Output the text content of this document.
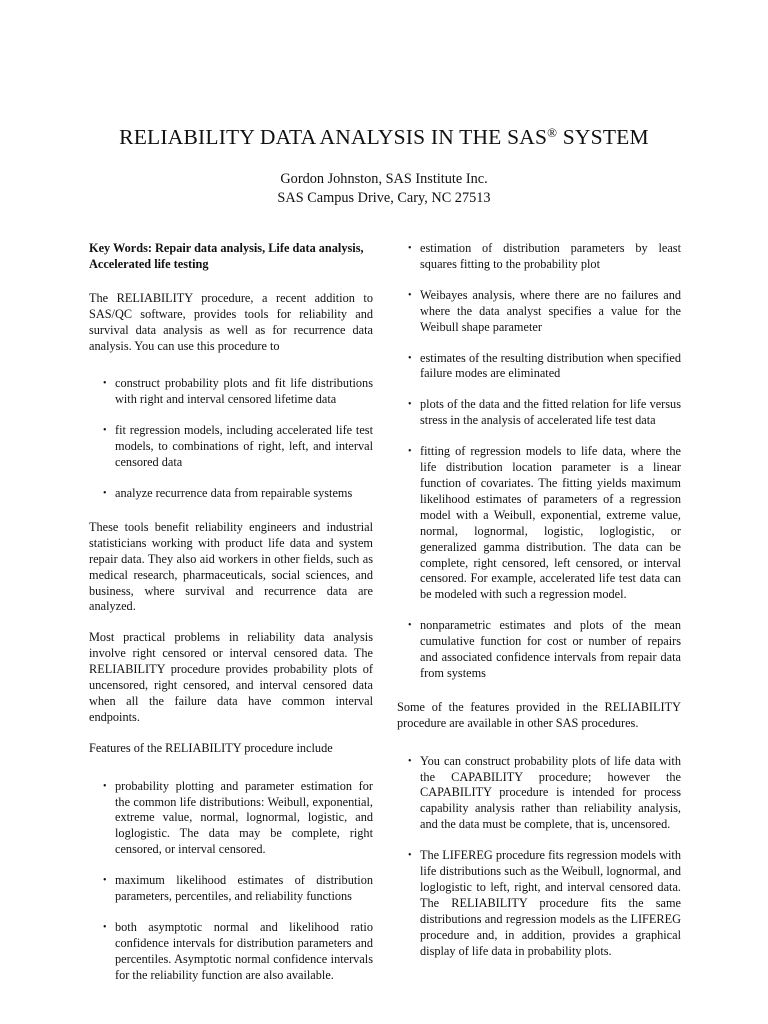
RELIABILITY DATA ANALYSIS IN THE SAS® SYSTEM
Gordon Johnston, SAS Institute Inc.
SAS Campus Drive, Cary, NC 27513

Key Words: Repair data analysis, Life data analysis, Accelerated life testing

The RELIABILITY procedure, a recent addition to SAS/QC software, provides tools for reliability and survival data analysis as well as for recurrence data analysis. You can use this procedure to

• construct probability plots and fit life distributions with right and interval censored lifetime data
• fit regression models, including accelerated life test models, to combinations of right, left, and interval censored data
• analyze recurrence data from repairable systems

These tools benefit reliability engineers and industrial statisticians working with product life data and system repair data. They also aid workers in other fields, such as medical research, pharmaceuticals, social sciences, and business, where survival and recurrence data are analyzed.

Most practical problems in reliability data analysis involve right censored or interval censored data. The RELIABILITY procedure provides probability plots of uncensored, right censored, and interval censored data when all the failure data have common interval endpoints.

Features of the RELIABILITY procedure include

• probability plotting and parameter estimation for the common life distributions: Weibull, exponential, extreme value, normal, lognormal, logistic, and loglogistic. The data may be complete, right censored, or interval censored.
• maximum likelihood estimates of distribution parameters, percentiles, and reliability functions
• both asymptotic normal and likelihood ratio confidence intervals for distribution parameters and percentiles. Asymptotic normal confidence intervals for the reliability function are also available.
• estimation of distribution parameters by least squares fitting to the probability plot
• Weibayes analysis, where there are no failures and where the data analyst specifies a value for the Weibull shape parameter
• estimates of the resulting distribution when specified failure modes are eliminated
• plots of the data and the fitted relation for life versus stress in the analysis of accelerated life test data
• fitting of regression models to life data, where the life distribution location parameter is a linear function of covariates. The fitting yields maximum likelihood estimates of parameters of a regression model with a Weibull, exponential, extreme value, normal, lognormal, logistic, loglogistic, or generalized gamma distribution. The data can be complete, right censored, left censored, or interval censored. For example, accelerated life test data can be modeled with such a regression model.
• nonparametric estimates and plots of the mean cumulative function for cost or number of repairs and associated confidence intervals from repair data from systems

Some of the features provided in the RELIABILITY procedure are available in other SAS procedures.

• You can construct probability plots of life data with the CAPABILITY procedure; however the CAPABILITY procedure is intended for process capability analysis rather than reliability analysis, and the data must be complete, that is, uncensored.
• The LIFEREG procedure fits regression models with life distributions such as the Weibull, lognormal, and loglogistic to left, right, and interval censored data. The RELIABILITY procedure fits the same distributions and regression models as the LIFEREG procedure and, in addition, provides a graphical display of life data in probability plots.
